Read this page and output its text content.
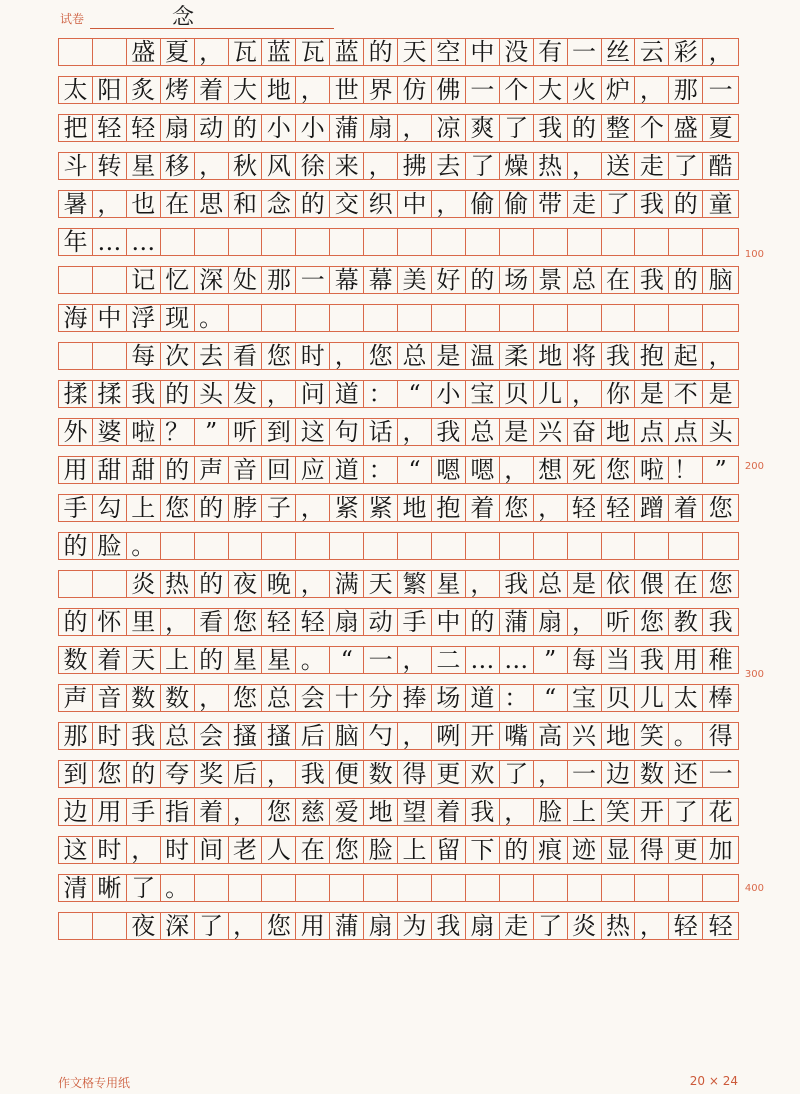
试卷	念
盛 夏 ， 瓦 蓝 瓦 蓝 的 天 空 中 没 有 一 丝 云 彩 ，
太 阳 炙 烤 着 大 地 ， 世 界 仿 佛 一 个 大 火 炉 ， 那 一
把 轻 轻 扇 动 的 小 小 蒲 扇 ， 凉 爽 了 我 的 整 个 盛 夏
斗 转 星 移 ， 秋 风 徐 来 ， 拂 去 了 燥 热 ， 送 走 了 酷
暑 ， 也 在 思 和 念 的 交 织 中 ， 偷 偷 带 走 了 我 的 童
年 … …
记 忆 深 处 那 一 幕 幕 美 好 的 场 景 总 在 我 的 脑
海 中 浮 现 。
每 次 去 看 您 时 ， 您 总 是 温 柔 地 将 我 抱 起 ，
揉 揉 我 的 头 发 ， 问 道 ： “ 小 宝 贝 儿 ， 你 是 不 是
外 婆 啦 ？ ” 听 到 这 句 话 ， 我 总 是 兴 奋 地 点 点 头
用 甜 甜 的 声 音 回 应 道 ： “ 嗯 嗯 ， 想 死 您 啦 ！ ”
手 勾 上 您 的 脖 子 ， 紧 紧 地 抱 着 您 ， 轻 轻 蹭 着 您
的 脸 。
炎 热 的 夜 晚 ， 满 天 繁 星 ， 我 总 是 依 偎 在 您
的 怀 里 ， 看 您 轻 轻 扇 动 手 中 的 蒲 扇 ， 听 您 教 我
数 着 天 上 的 星 星 。 “ 一 ， 二 … … ” 每 当 我 用 稚
声 音 数 数 ， 您 总 会 十 分 捧 场 道 ： “ 宝 贝 儿 太 棒
那 时 我 总 会 搔 搔 后 脑 勺 ， 咧 开 嘴 高 兴 地 笑 。 得
到 您 的 夸 奖 后 ， 我 便 数 得 更 欢 了 ， 一 边 数 还 一
边 用 手 指 着 ， 您 慈 爱 地 望 着 我 ， 脸 上 笑 开 了 花
这 时 ， 时 间 老 人 在 您 脸 上 留 下 的 痕 迹 显 得 更 加
清 晰 了 。
夜 深 了 ， 您 用 蒲 扇 为 我 扇 走 了 炎 热 ， 轻 轻
100
200
300
400
作文格专用纸	20 × 24
